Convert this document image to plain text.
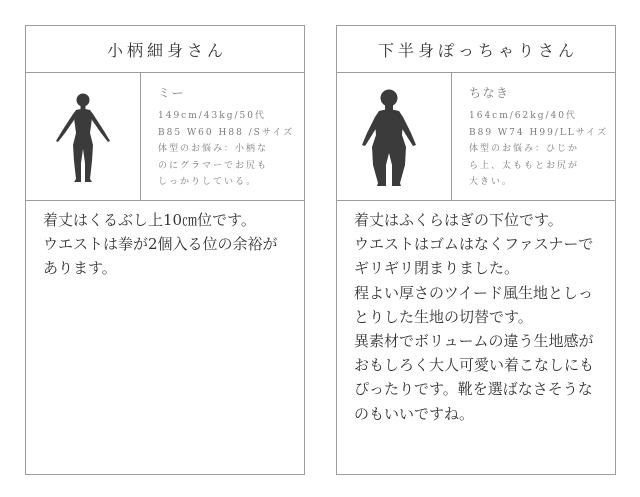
小柄細身さん
ミー
149cm/43kg/50代
B85 W60 H88 /Sサイズ
体型のお悩み：小柄な
のにグラマーでお尻も
しっかりしている。
着丈はくるぶし上10㎝位です。
ウエストは拳が2個入る位の余裕が
あります。
下半身ぽっちゃりさん
ちなき
164cm/62kg/40代
B89 W74 H99/LLサイズ
体型のお悩み：ひじか
ら上、太ももとお尻が
大きい。
着丈はふくらはぎの下位です。
ウエストはゴムはなくファスナーで
ギリギリ閉まりました。
程よい厚さのツイード風生地としっ
とりした生地の切替です。
異素材でボリュームの違う生地感が
おもしろく大人可愛い着こなしにも
ぴったりです。靴を選ばなさそうな
のもいいですね。
